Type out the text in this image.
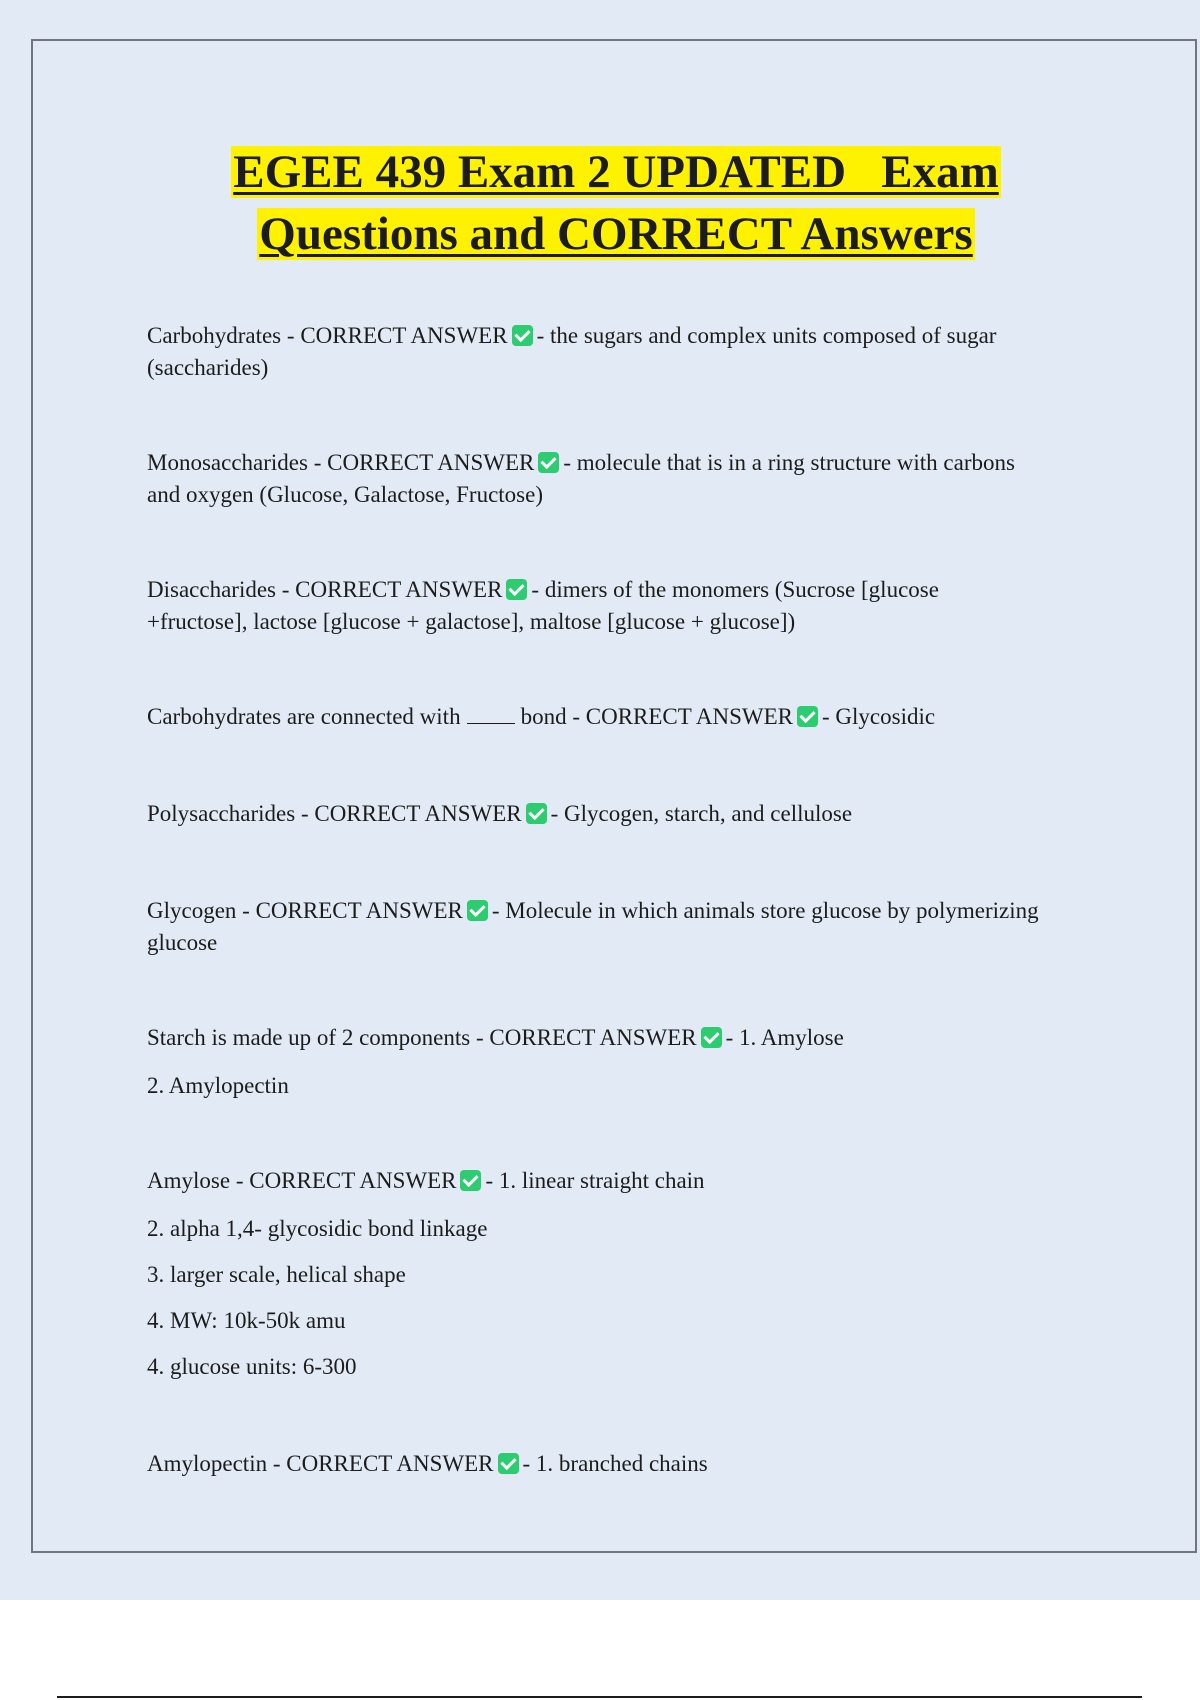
EGEE 439 Exam 2 UPDATED   Exam
Questions and CORRECT Answers

Carbohydrates - CORRECT ANSWER - the sugars and complex units composed of sugar

(saccharides)

Monosaccharides - CORRECT ANSWER - molecule that is in a ring structure with carbons

and oxygen (Glucose, Galactose, Fructose)

Disaccharides - CORRECT ANSWER - dimers of the monomers (Sucrose [glucose

+fructose], lactose [glucose + galactose], maltose [glucose + glucose])

Carbohydrates are connected with	bond - CORRECT ANSWER - Glycosidic

Polysaccharides - CORRECT ANSWER - Glycogen, starch, and cellulose

Glycogen - CORRECT ANSWER - Molecule in which animals store glucose by polymerizing

glucose

Starch is made up of 2 components - CORRECT ANSWER - 1. Amylose

2. Amylopectin

Amylose - CORRECT ANSWER - 1. linear straight chain

2. alpha 1,4- glycosidic bond linkage

3. larger scale, helical shape

4. MW: 10k-50k amu

4. glucose units: 6-300

Amylopectin - CORRECT ANSWER - 1. branched chains
